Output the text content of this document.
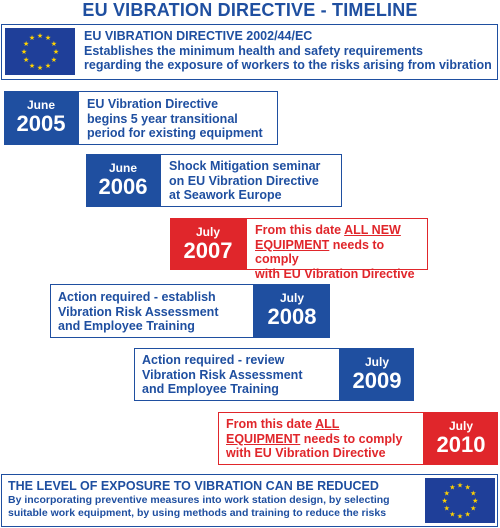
EU VIBRATION DIRECTIVE - TIMELINE
★ ★
★
★
★
★
★
★
★
★
★
★	EU VIBRATION DIRECTIVE 2002/44/EC
Establishes the minimum health and safety requirements
regarding the exposure of workers to the risks arising from vibration
June
2005
EU Vibration Directive
begins 5 year transitional
period for existing equipment
June
2006
Shock Mitigation seminar
on EU Vibration Directive
at Seawork Europe
July
2007
From this date ALL NEW
EQUIPMENT needs to comply
with EU Vibration Directive
Action required - establish
Vibration Risk Assessment
and Employee Training
July
2008
Action required - review
Vibration Risk Assessment
and Employee Training
July
2009
From this date ALL
EQUIPMENT needs to comply
with EU Vibration Directive
July
2010
THE LEVEL OF EXPOSURE TO VIBRATION CAN BE REDUCED
By incorporating preventive measures into work station design, by selecting
suitable work equipment, by using methods and training to reduce the risks
★ ★
★
★
★
★
★
★
★
★
★
★
